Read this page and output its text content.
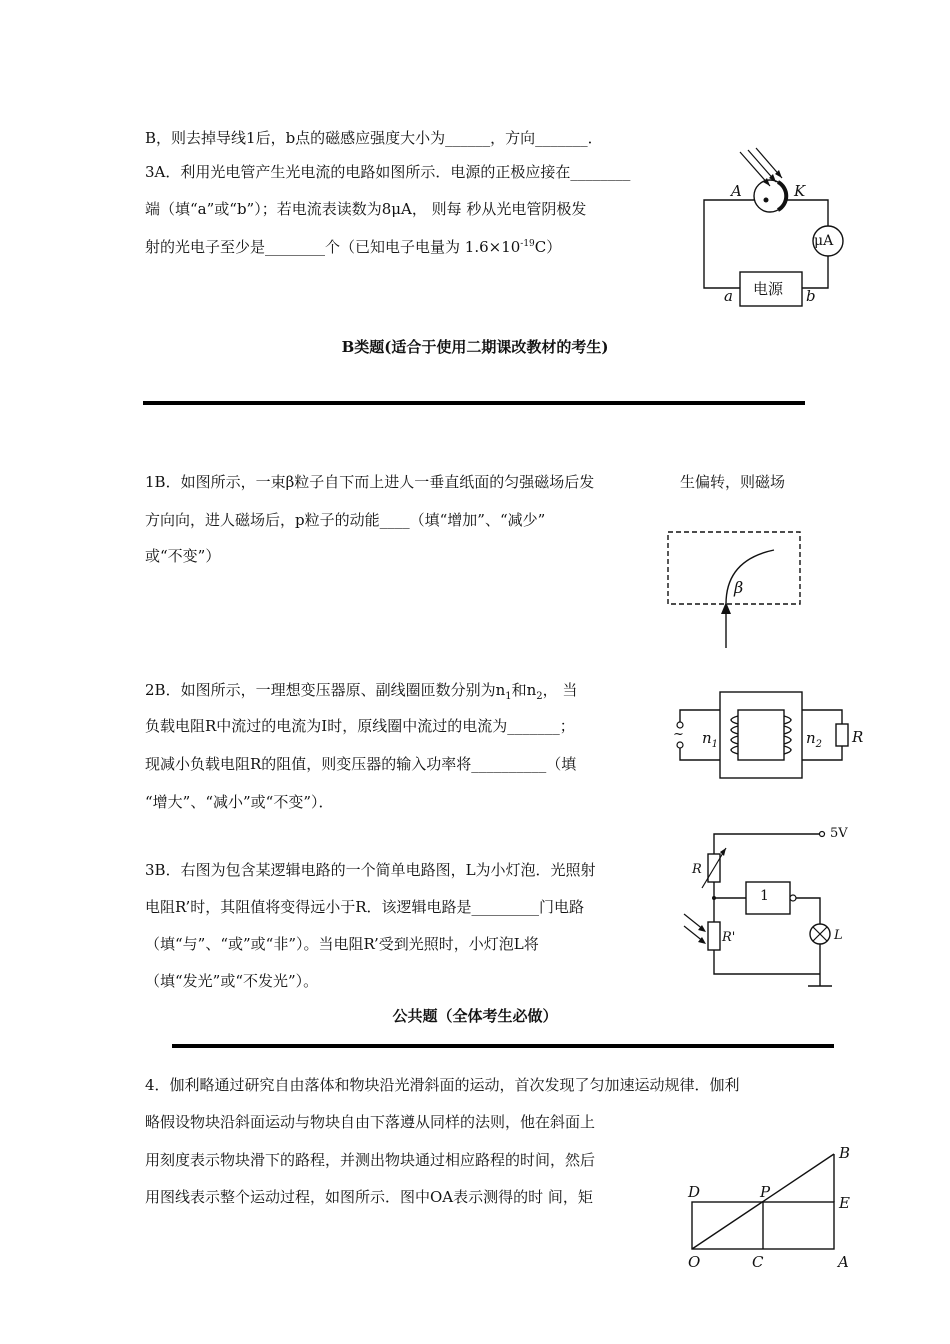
B，则去掉导线1后，b点的磁感应强度大小为______，方向_______．
3A．利用光电管产生光电流的电路如图所示．电源的正极应接在________
端（填“a”或“b”）；若电流表读数为8μA， 则每 秒从光电管阴极发
射的光电子至少是________个（已知电子电量为 $1.6\times 10^{-19}C$）
A	K
μA
电源
a	b
B类题(适合于使用二期课改教材的考生)
1B．如图所示，一束β粒子自下而上进人一垂直纸面的匀强磁场后发	生偏转，则磁场
方向向，进人磁场后，p粒子的动能____（填“增加”、“减少”
或“不变”）
β
2B．如图所示，一理想变压器原、副线圈匝数分别为$n_1$和$n_2$， 当
负载电阻R中流过的电流为I时，原线圈中流过的电流为_______；
现减小负载电阻R的阻值，则变压器的输入功率将__________（填
“增大”、“减小”或“不变”）．
~ $n_1$	$n_2$ R
3B．右图为包含某逻辑电路的一个简单电路图，L为小灯泡．光照射
电阻R’时，其阻值将变得远小于R．该逻辑电路是_________门电路
（填“与”、“或”或“非”）。当电阻R’受到光照时，小灯泡L将
（填“发光”或“不发光”）。
5V
R
1
R'	L
公共题（全体考生必做）
4．伽利略通过研究自由落体和物块沿光滑斜面的运动，首次发现了匀加速运动规律．伽利
略假设物块沿斜面运动与物块自由下落遵从同样的法则，他在斜面上
用刻度表示物块滑下的路程，并测出物块通过相应路程的时间，然后
用图线表示整个运动过程，如图所示．图中OA表示测得的时 间，矩
B
D	P
E
O	C	A
